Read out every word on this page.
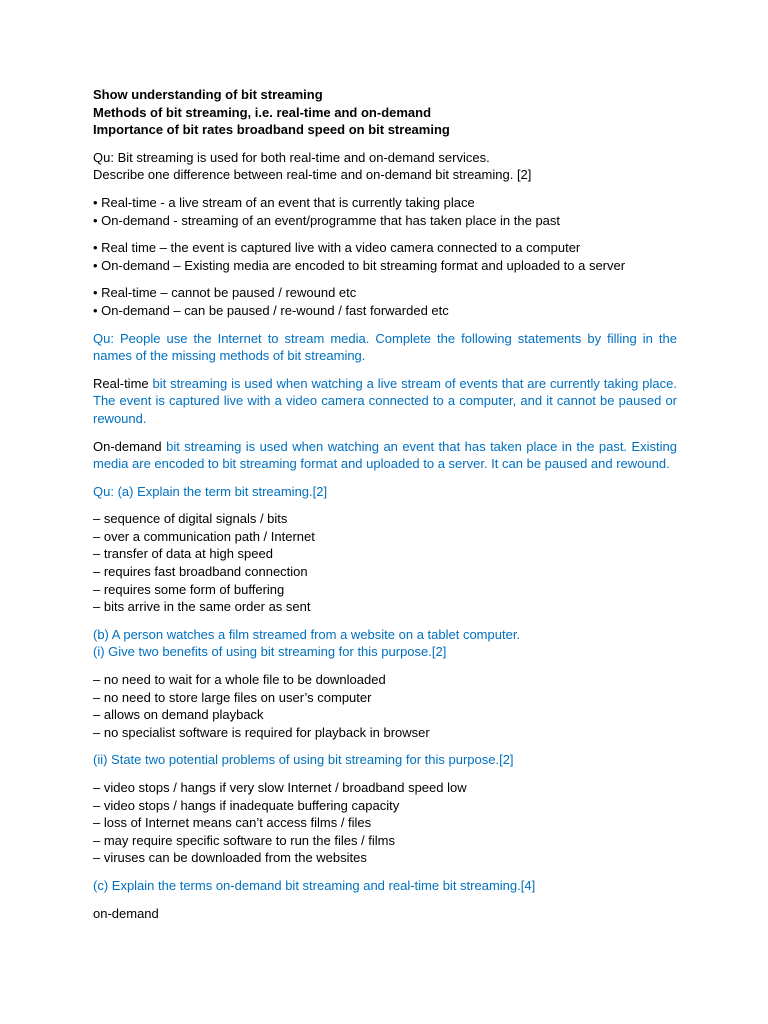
Show understanding of bit streaming
Methods of bit streaming, i.e. real-time and on-demand
Importance of bit rates broadband speed on bit streaming
Qu: Bit streaming is used for both real-time and on-demand services.
Describe one difference between real-time and on-demand bit streaming. [2]
• Real-time - a live stream of an event that is currently taking place
• On-demand - streaming of an event/programme that has taken place in the past
• Real time – the event is captured live with a video camera connected to a computer
• On-demand – Existing media are encoded to bit streaming format and uploaded to a server
• Real-time – cannot be paused / rewound etc
• On-demand – can be paused / re-wound / fast forwarded etc
Qu: People use the Internet to stream media. Complete the following statements by filling in the names of the missing methods of bit streaming.
Real-time bit streaming is used when watching a live stream of events that are currently taking place. The event is captured live with a video camera connected to a computer, and it cannot be paused or rewound.
On-demand bit streaming is used when watching an event that has taken place in the past. Existing media are encoded to bit streaming format and uploaded to a server. It can be paused and rewound.
Qu: (a) Explain the term bit streaming.[2]
– sequence of digital signals / bits
– over a communication path / Internet
– transfer of data at high speed
– requires fast broadband connection
– requires some form of buffering
– bits arrive in the same order as sent
(b) A person watches a film streamed from a website on a tablet computer.
(i) Give two benefits of using bit streaming for this purpose.[2]
– no need to wait for a whole file to be downloaded
– no need to store large files on user’s computer
– allows on demand playback
– no specialist software is required for playback in browser
(ii) State two potential problems of using bit streaming for this purpose.[2]
– video stops / hangs if very slow Internet / broadband speed low
– video stops / hangs if inadequate buffering capacity
– loss of Internet means can’t access films / files
– may require specific software to run the files / films
– viruses can be downloaded from the websites
(c) Explain the terms on-demand bit streaming and real-time bit streaming.[4]
on-demand
